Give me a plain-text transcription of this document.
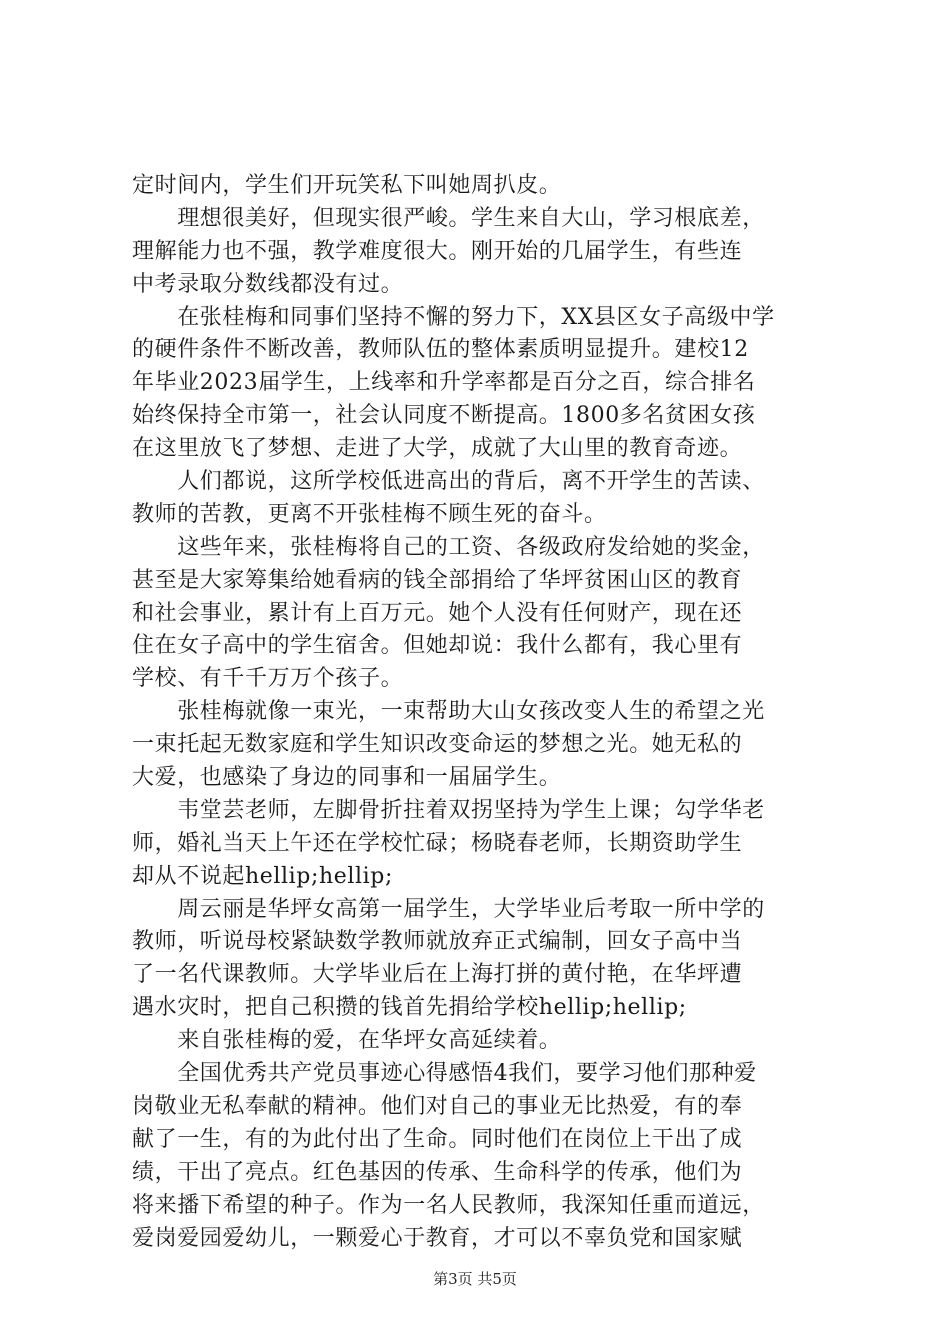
定时间内，学生们开玩笑私下叫她周扒皮。
　　理想很美好，但现实很严峻。学生来自大山，学习根底差，
理解能力也不强，教学难度很大。刚开始的几届学生，有些连
中考录取分数线都没有过。
　　在张桂梅和同事们坚持不懈的努力下，XX县区女子高级中学
的硬件条件不断改善，教师队伍的整体素质明显提升。建校12
年毕业2023届学生，上线率和升学率都是百分之百，综合排名
始终保持全市第一，社会认同度不断提高。1800多名贫困女孩
在这里放飞了梦想、走进了大学，成就了大山里的教育奇迹。
　　人们都说，这所学校低进高出的背后，离不开学生的苦读、
教师的苦教，更离不开张桂梅不顾生死的奋斗。
　　这些年来，张桂梅将自己的工资、各级政府发给她的奖金，
甚至是大家筹集给她看病的钱全部捐给了华坪贫困山区的教育
和社会事业，累计有上百万元。她个人没有任何财产，现在还
住在女子高中的学生宿舍。但她却说：我什么都有，我心里有
学校、有千千万万个孩子。
　　张桂梅就像一束光，一束帮助大山女孩改变人生的希望之光
一束托起无数家庭和学生知识改变命运的梦想之光。她无私的
大爱，也感染了身边的同事和一届届学生。
　　韦堂芸老师，左脚骨折拄着双拐坚持为学生上课；勾学华老
师，婚礼当天上午还在学校忙碌；杨晓春老师，长期资助学生
却从不说起hellip;hellip;
　　周云丽是华坪女高第一届学生，大学毕业后考取一所中学的
教师，听说母校紧缺数学教师就放弃正式编制，回女子高中当
了一名代课教师。大学毕业后在上海打拼的黄付艳，在华坪遭
遇水灾时，把自己积攒的钱首先捐给学校hellip;hellip;
　　来自张桂梅的爱，在华坪女高延续着。
　　全国优秀共产党员事迹心得感悟4我们，要学习他们那种爱
岗敬业无私奉献的精神。他们对自己的事业无比热爱，有的奉
献了一生，有的为此付出了生命。同时他们在岗位上干出了成
绩，干出了亮点。红色基因的传承、生命科学的传承，他们为
将来播下希望的种子。作为一名人民教师，我深知任重而道远，
爱岗爱园爱幼儿，一颗爱心于教育，才可以不辜负党和国家赋
第3页 共5页
